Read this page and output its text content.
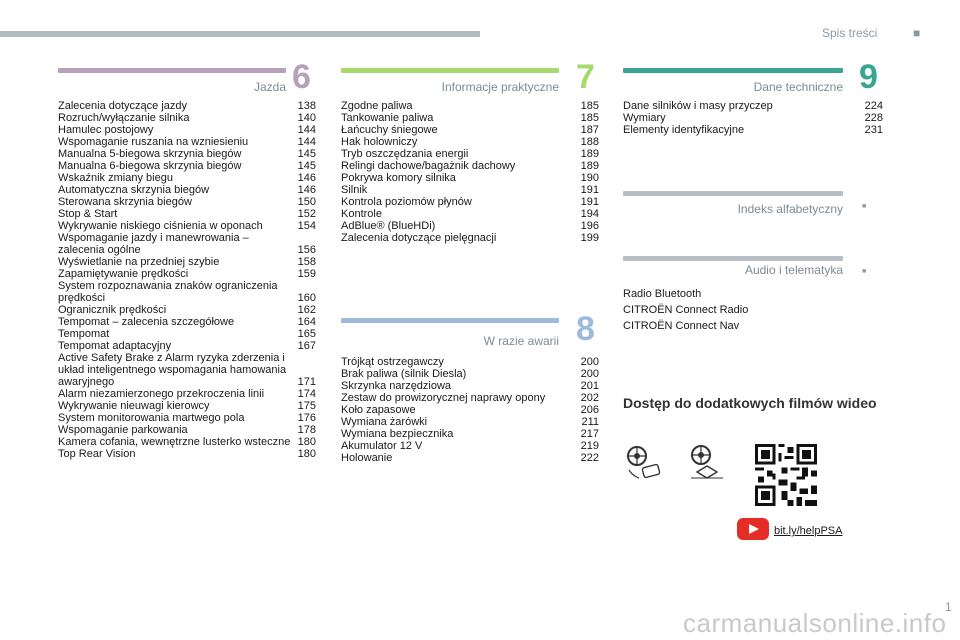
Spis treści	■
Jazda 6
Zalecenia dotyczące jazdy	138
Rozruch/wyłączanie silnika	140
Hamulec postojowy	144
Wspomaganie ruszania na wzniesieniu	144
Manualna 5-biegowa skrzynia biegów	145
Manualna 6-biegowa skrzynia biegów	145
Wskaźnik zmiany biegu	146
Automatyczna skrzynia biegów	146
Sterowana skrzynia biegów	150
Stop & Start	152
Wykrywanie niskiego ciśnienia w oponach	154
Wspomaganie jazdy i manewrowania – zalecenia ogólne	156
Wyświetlanie na przedniej szybie	158
Zapamiętywanie prędkości	159
System rozpoznawania znaków ograniczenia prędkości	160
Ogranicznik prędkości	162
Tempomat – zalecenia szczegółowe	164
Tempomat	165
Tempomat adaptacyjny	167
Active Safety Brake z Alarm ryzyka zderzenia i układ inteligentnego wspomagania hamowania awaryjnego	171
Alarm niezamierzonego przekroczenia linii	174
Wykrywanie nieuwagi kierowcy	175
System monitorowania martwego pola	176
Wspomaganie parkowania	178
Kamera cofania, wewnętrzne lusterko wsteczne 180
Top Rear Vision	180
Informacje praktyczne 7
Zgodne paliwa	185
Tankowanie paliwa	185
Łańcuchy śniegowe	187
Hak holowniczy	188
Tryb oszczędzania energii	189
Relingi dachowe/bagażnik dachowy	189
Pokrywa komory silnika	190
Silnik	191
Kontrola poziomów płynów	191
Kontrole	194
AdBlue® (BlueHDi)	196
Zalecenia dotyczące pielęgnacji	199
W razie awarii 8
Trójkąt ostrzegawczy	200
Brak paliwa (silnik Diesla)	200
Skrzynka narzędziowa	201
Zestaw do prowizorycznej naprawy opony	202
Koło zapasowe	206
Wymiana żarówki	211
Wymiana bezpiecznika	217
Akumulator 12 V	219
Holowanie	222
Dane techniczne 9
Dane silników i masy przyczep	224
Wymiary	228
Elementy identyfikacyjne	231
Indeks alfabetyczny	■
Audio i telematyka	■
Radio Bluetooth
CITROËN Connect Radio
CITROËN Connect Nav
Dostęp do dodatkowych filmów wideo
bit.ly/helpPSA
carmanualsonline.info
1
